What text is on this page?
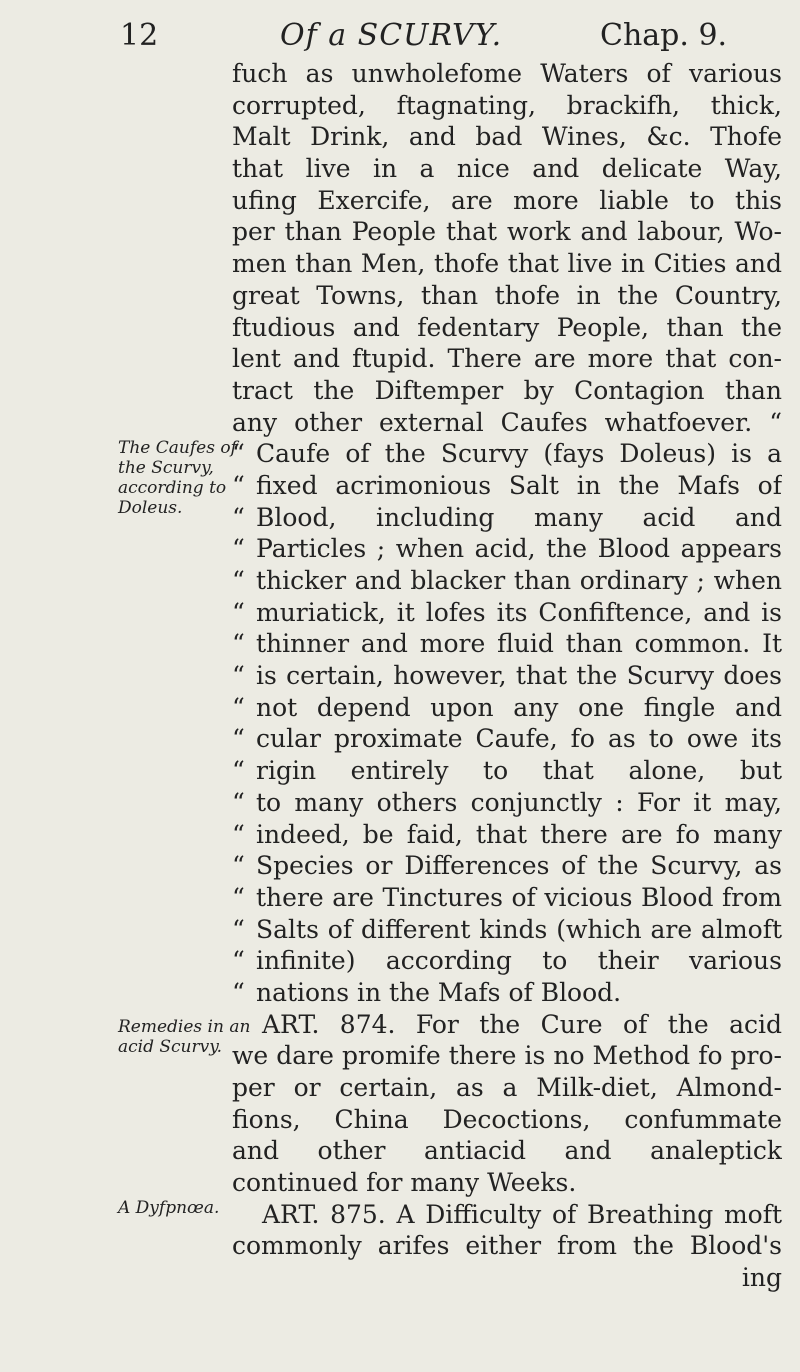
12	Of a SCURVY.	Chap. 9.
The Caufes of
the Scurvy,
according to
Doleus.
Remedies in an
acid Scurvy.
A Dyfpnœa.
fuch as unwholefome Waters of various
corrupted, ftagnating, brackifh, thick,
Malt Drink, and bad Wines, &c. Thofe
that live in a nice and delicate Way,
ufing Exercife, are more liable to this
per than People that work and labour, Wo-
men than Men, thofe that live in Cities and
great Towns, than thofe in the Country,
ftudious and fedentary People, than the
lent and ftupid. There are more that con-
tract the Diftemper by Contagion than
any other external Caufes whatfoever. “
“ Caufe of the Scurvy (fays Doleus) is a
“ fixed acrimonious Salt in the Mafs of
“ Blood, including many acid and
“ Particles ; when acid, the Blood appears
“ thicker and blacker than ordinary ; when
“ muriatick, it lofes its Confiftence, and is
“ thinner and more fluid than common. It
“ is certain, however, that the Scurvy does
“ not depend upon any one fingle and
“ cular proximate Caufe, fo as to owe its
“ rigin entirely to that alone, but
“ to many others conjunctly : For it may,
“ indeed, be faid, that there are fo many
“ Species or Differences of the Scurvy, as
“ there are Tinctures of vicious Blood from
“ Salts of different kinds (which are almoft
“ infinite) according to their various
“ nations in the Mafs of Blood.
ART. 874. For the Cure of the acid
we dare promife there is no Method fo pro-
per or certain, as a Milk-diet, Almond-
fions, China Decoctions, confummate
and other antiacid and analeptick
continued for many Weeks.
ART. 875. A Difficulty of Breathing moft
commonly arifes either from the Blood's
ing
